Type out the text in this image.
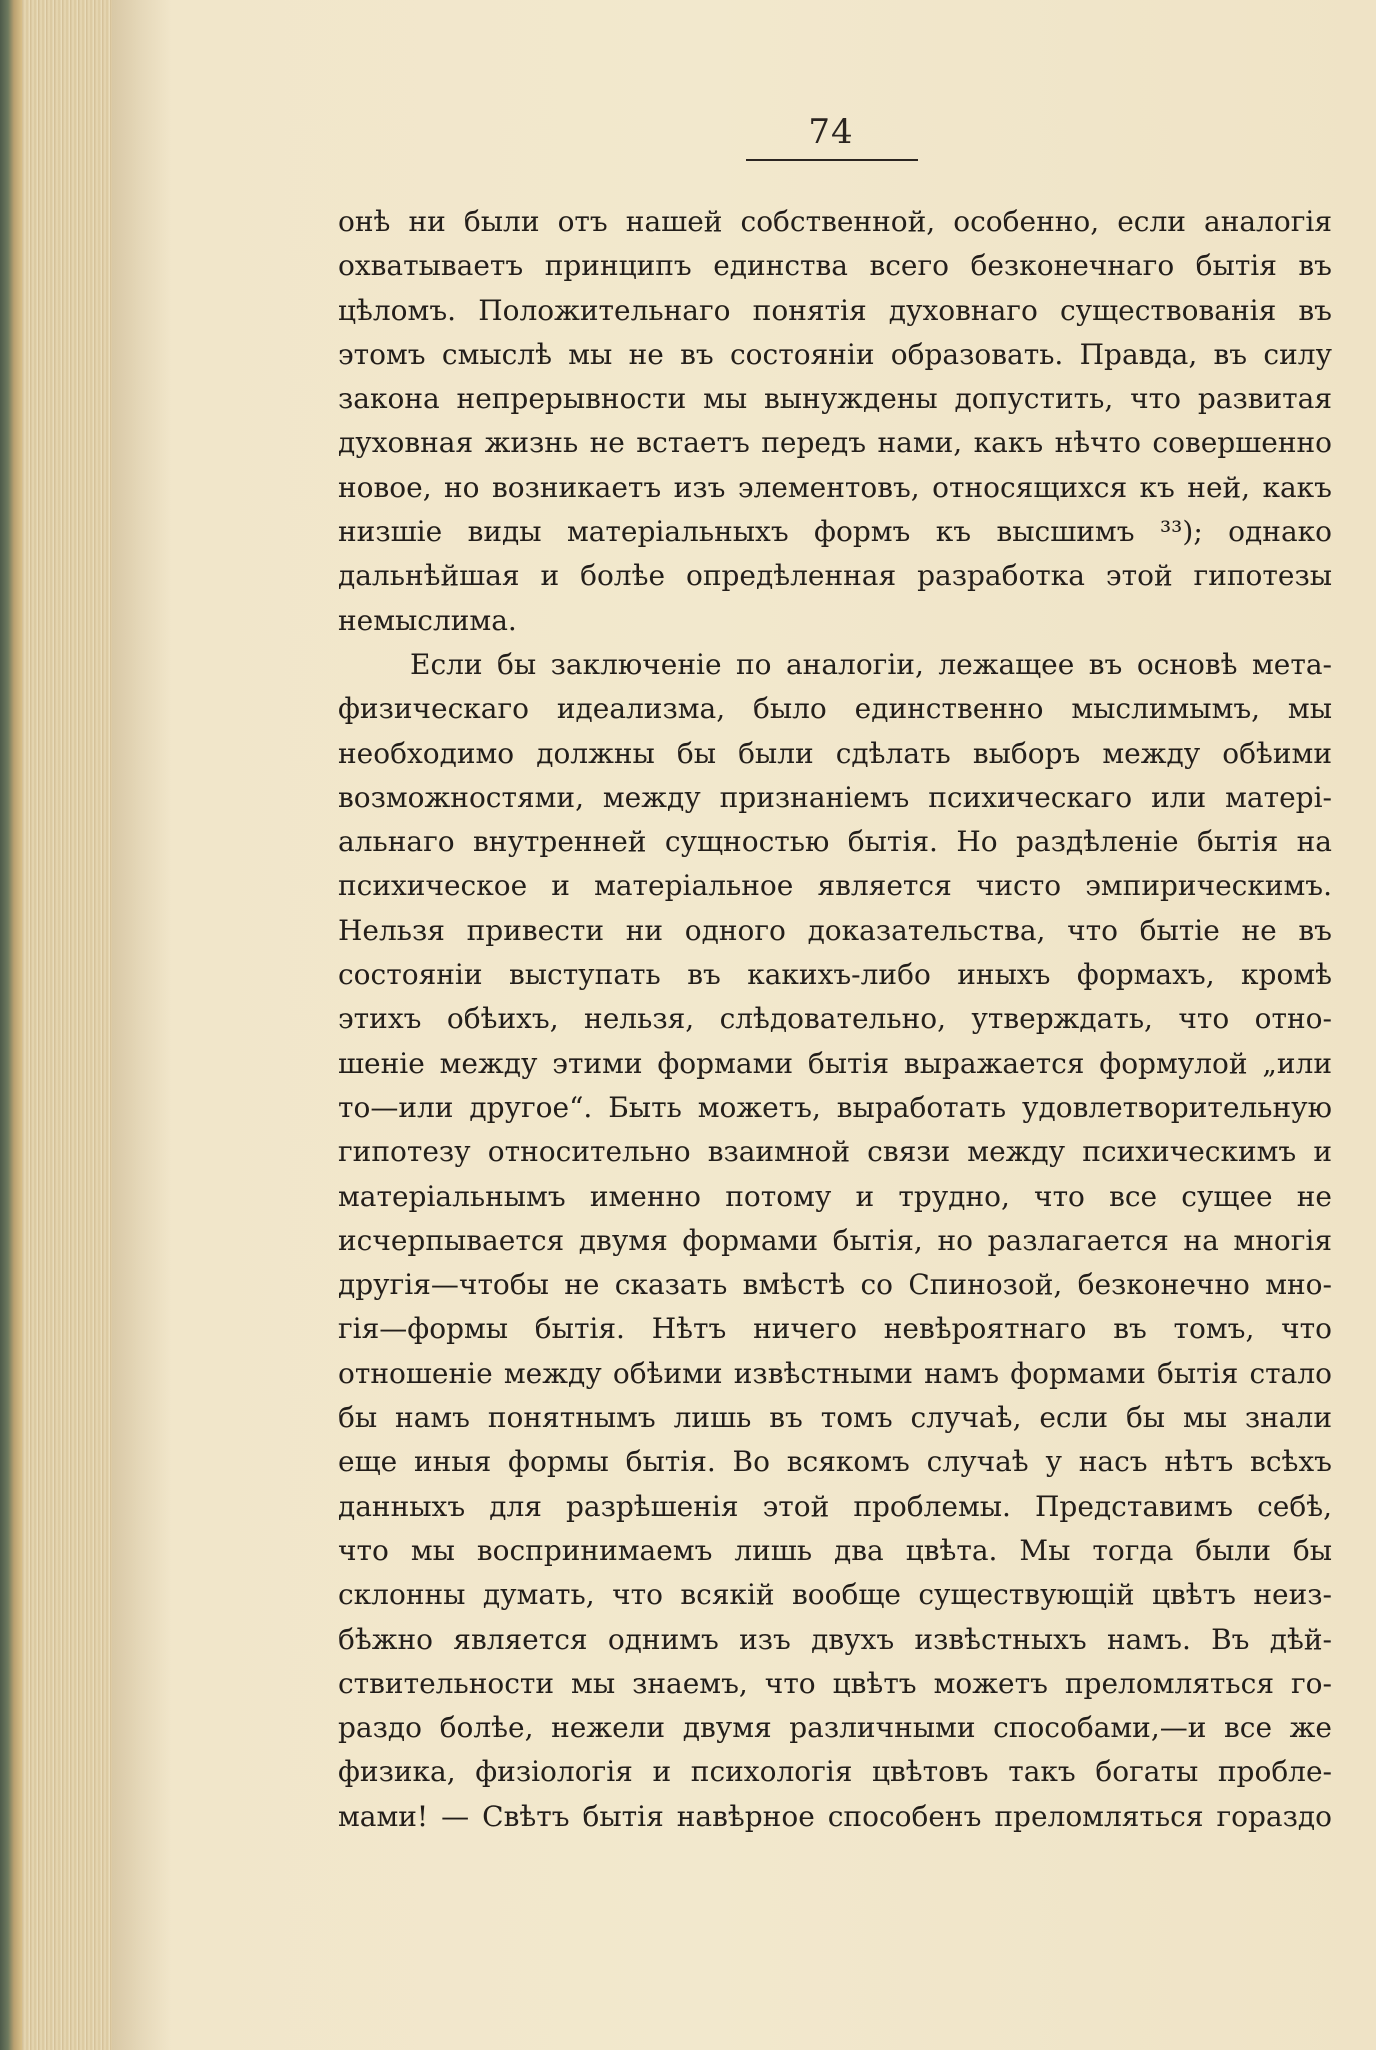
74
онѣ ни были отъ нашей собственной, особенно, если аналогія
охватываетъ принципъ единства всего безконечнаго бытія въ
цѣломъ. Положительнаго понятія духовнаго существованія въ
этомъ смыслѣ мы не въ состояніи образовать. Правда, въ силу
закона непрерывности мы вынуждены допустить, что развитая
духовная жизнь не встаетъ передъ нами, какъ нѣчто совершенно
новое, но возникаетъ изъ элементовъ, относящихся къ ней, какъ
низшіе виды матеріальныхъ формъ къ высшимъ ³³); однако
дальнѣйшая и болѣе опредѣленная разработка этой гипотезы
немыслима.
Если бы заключеніе по аналогіи, лежащее въ основѣ мета-
физическаго идеализма, было единственно мыслимымъ, мы
необходимо должны бы были сдѣлать выборъ между обѣими
возможностями, между признаніемъ психическаго или матері-
альнаго внутренней сущностью бытія. Но раздѣленіе бытія на
психическое и матеріальное является чисто эмпирическимъ.
Нельзя привести ни одного доказательства, что бытіе не въ
состояніи выступать въ какихъ-либо иныхъ формахъ, кромѣ
этихъ обѣихъ, нельзя, слѣдовательно, утверждать, что отно-
шеніе между этими формами бытія выражается формулой „или
то—или другое“. Быть можетъ, выработать удовлетворительную
гипотезу относительно взаимной связи между психическимъ и
матеріальнымъ именно потому и трудно, что все сущее не
исчерпывается двумя формами бытія, но разлагается на многія
другія—чтобы не сказать вмѣстѣ со Спинозой, безконечно мно-
гія—формы бытія. Нѣтъ ничего невѣроятнаго въ томъ, что
отношеніе между обѣими извѣстными намъ формами бытія стало
бы намъ понятнымъ лишь въ томъ случаѣ, если бы мы знали
еще иныя формы бытія. Во всякомъ случаѣ у насъ нѣтъ всѣхъ
данныхъ для разрѣшенія этой проблемы. Представимъ себѣ,
что мы воспринимаемъ лишь два цвѣта. Мы тогда были бы
склонны думать, что всякій вообще существующій цвѣтъ неиз-
бѣжно является однимъ изъ двухъ извѣстныхъ намъ. Въ дѣй-
ствительности мы знаемъ, что цвѣтъ можетъ преломляться го-
раздо болѣе, нежели двумя различными способами,—и все же
физика, физіологія и психологія цвѣтовъ такъ богаты пробле-
мами! — Свѣтъ бытія навѣрное способенъ преломляться гораздо
